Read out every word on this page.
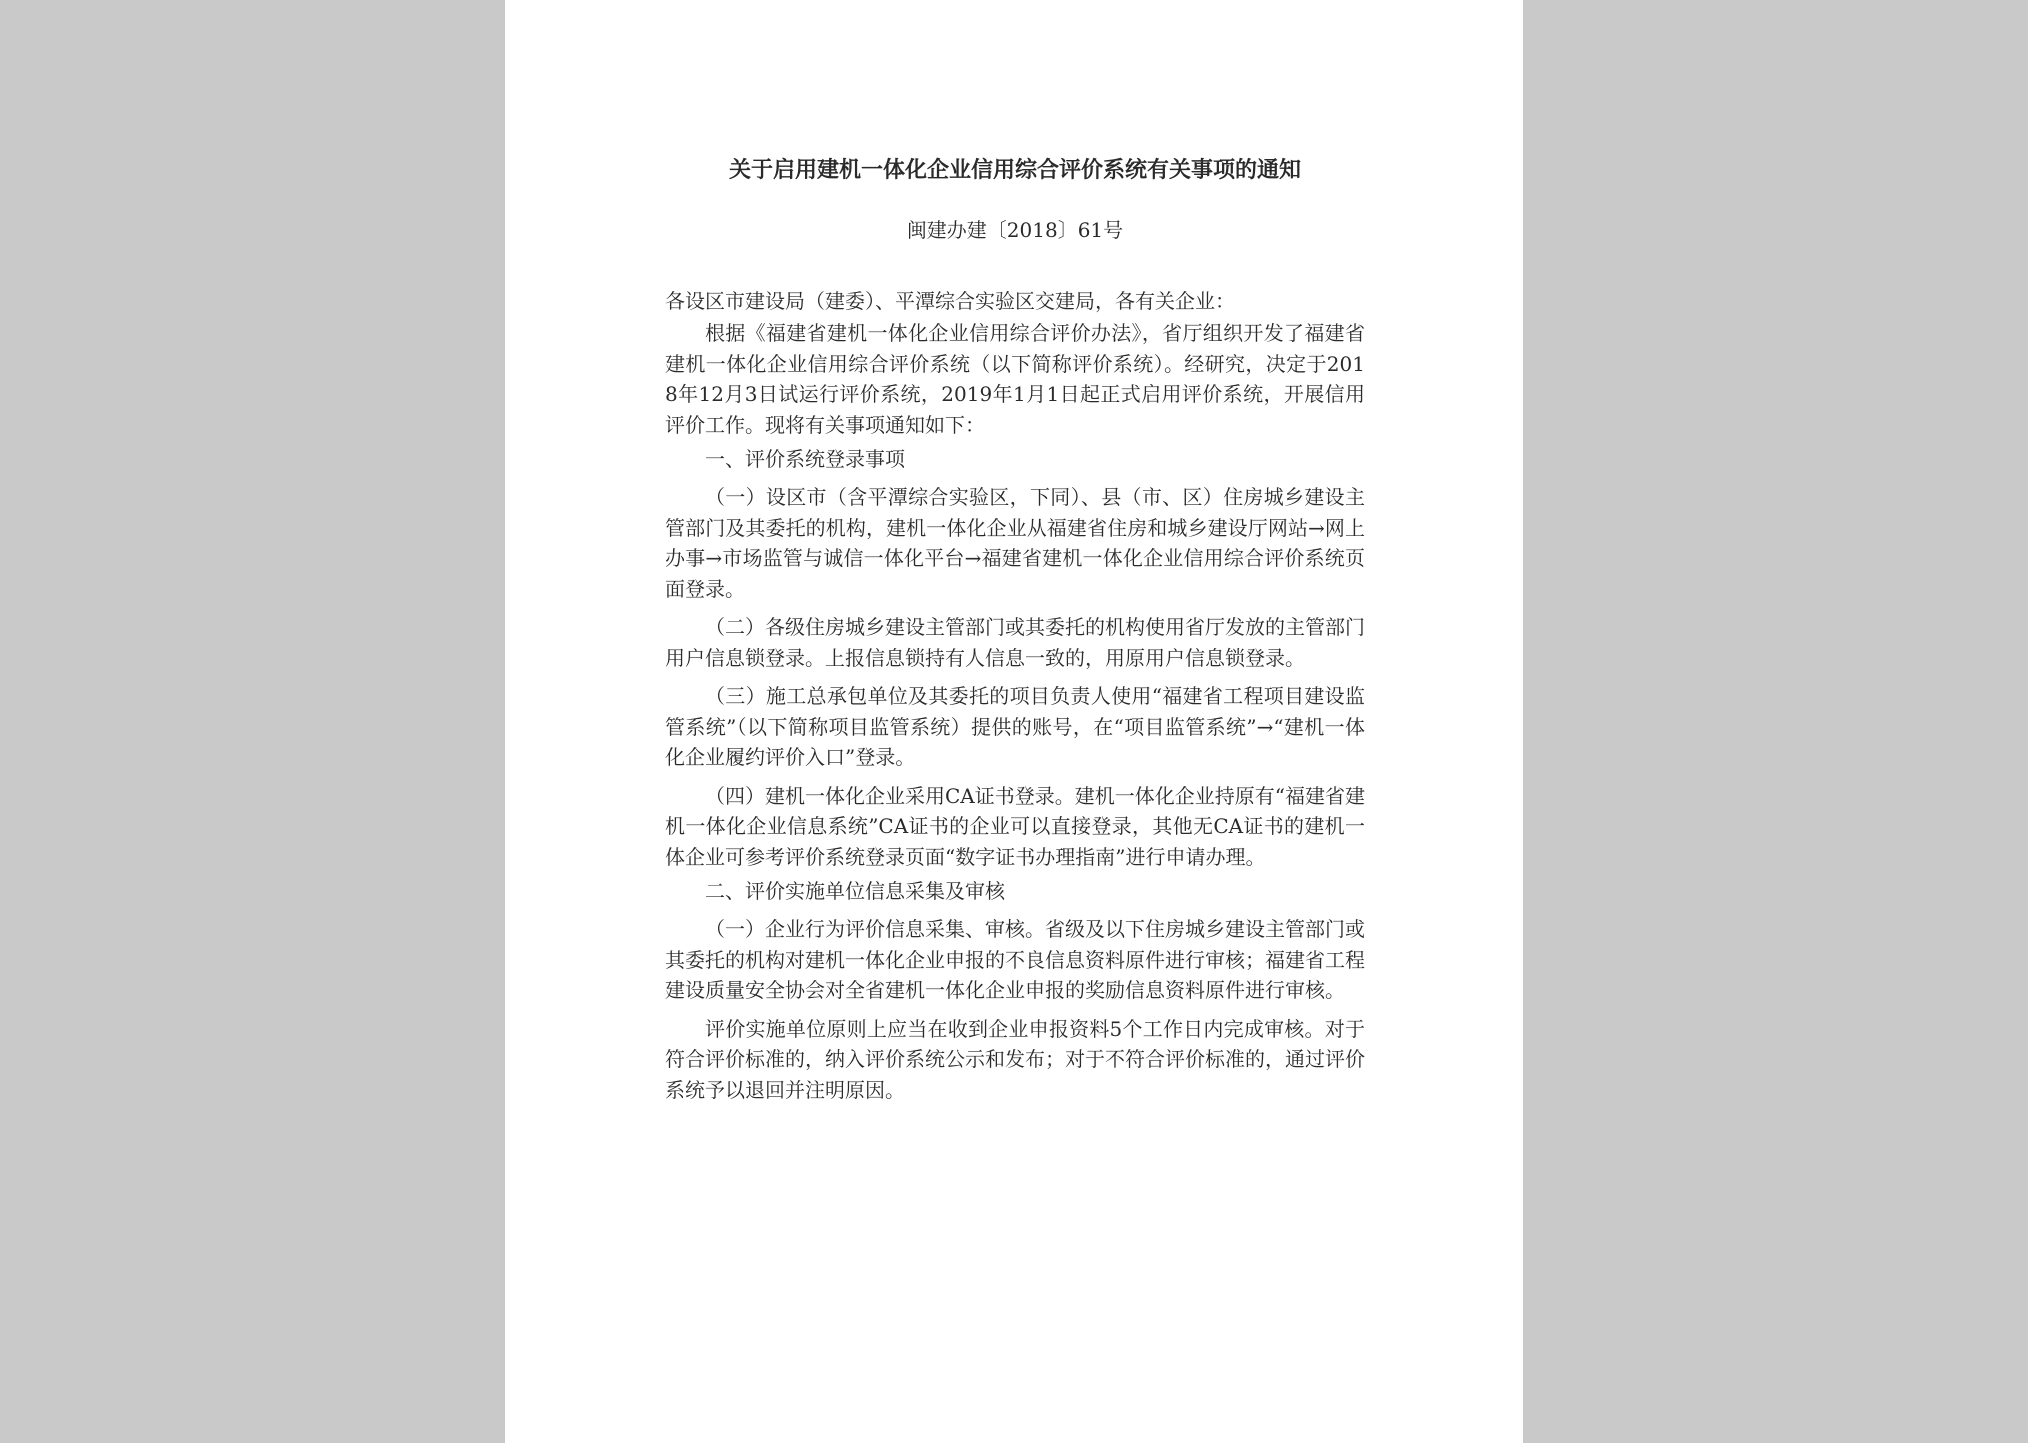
关于启用建机一体化企业信用综合评价系统有关事项的通知
闽建办建〔2018〕61号
各设区市建设局（建委）、平潭综合实验区交建局，各有关企业：

根据《福建省建机一体化企业信用综合评价办法》，省厅组织开发了福建省建机一体化企业信用综合评价系统（以下简称评价系统）。经研究，决定于2018年12月3日试运行评价系统，2019年1月1日起正式启用评价系统，开展信用评价工作。现将有关事项通知如下：

一、评价系统登录事项

（一）设区市（含平潭综合实验区，下同）、县（市、区）住房城乡建设主管部门及其委托的机构，建机一体化企业从福建省住房和城乡建设厅网站→网上办事→市场监管与诚信一体化平台→福建省建机一体化企业信用综合评价系统页面登录。

（二）各级住房城乡建设主管部门或其委托的机构使用省厅发放的主管部门用户信息锁登录。上报信息锁持有人信息一致的，用原用户信息锁登录。

（三）施工总承包单位及其委托的项目负责人使用“福建省工程项目建设监管系统”（以下简称项目监管系统）提供的账号，在“项目监管系统”→“建机一体化企业履约评价入口”登录。

（四）建机一体化企业采用CA证书登录。建机一体化企业持原有“福建省建机一体化企业信息系统”CA证书的企业可以直接登录，其他无CA证书的建机一体企业可参考评价系统登录页面“数字证书办理指南”进行申请办理。

二、评价实施单位信息采集及审核

（一）企业行为评价信息采集、审核。省级及以下住房城乡建设主管部门或其委托的机构对建机一体化企业申报的不良信息资料原件进行审核；福建省工程建设质量安全协会对全省建机一体化企业申报的奖励信息资料原件进行审核。

评价实施单位原则上应当在收到企业申报资料5个工作日内完成审核。对于符合评价标准的，纳入评价系统公示和发布；对于不符合评价标准的，通过评价系统予以退回并注明原因。
